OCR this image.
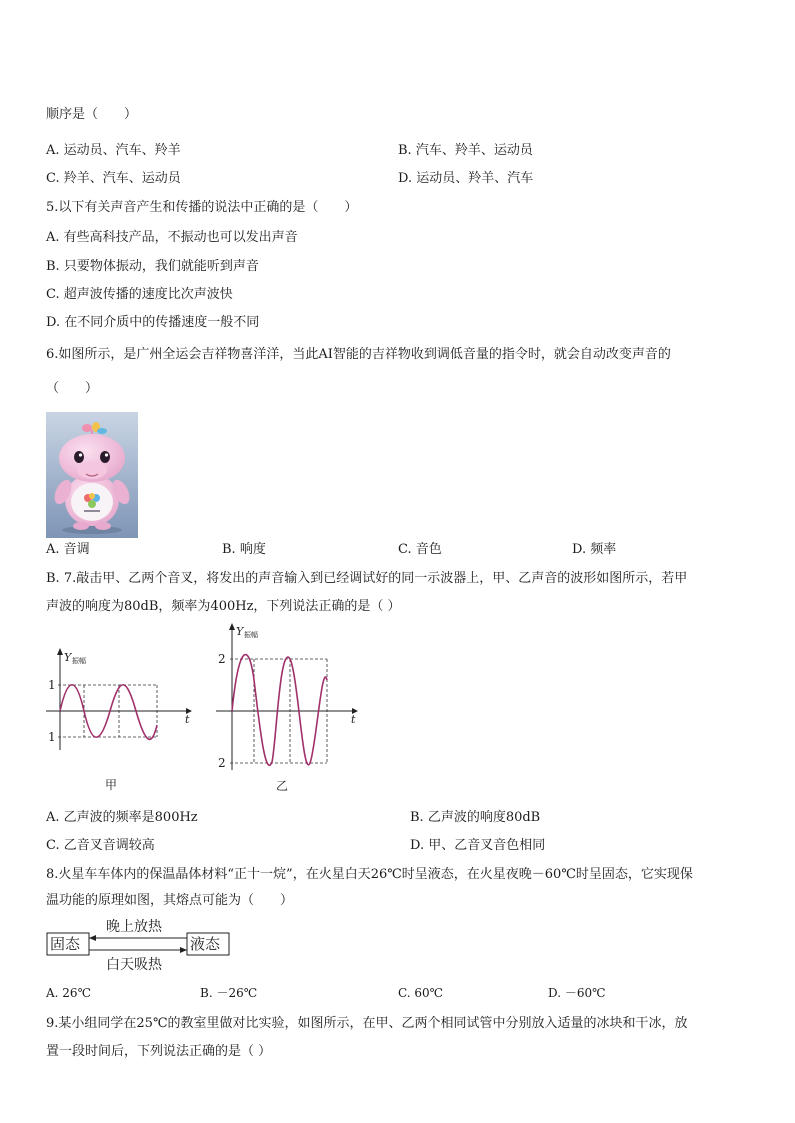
顺序是（　　）
A. 运动员、汽车、羚羊	B. 汽车、羚羊、运动员
C. 羚羊、汽车、运动员	D. 运动员、羚羊、汽车
5.以下有关声音产生和传播的说法中正确的是（　　）
A. 有些高科技产品，不振动也可以发出声音
B. 只要物体振动，我们就能听到声音
C. 超声波传播的速度比次声波快
D. 在不同介质中的传播速度一般不同
6.如图所示，是广州全运会吉祥物喜洋洋，当此AI智能的吉祥物收到调低音量的指令时，就会自动改变声音的
（　　）
A. 音调	B. 响度	C. 音色	D. 频率
B. 7.敲击甲、乙两个音叉，将发出的声音输入到已经调试好的同一示波器上，甲、乙声音的波形如图所示，若甲
声波的响度为80dB，频率为400Hz，下列说法正确的是（ ）
Y 振幅
t
1
1
甲
Y 振幅
t
2
2
乙
A. 乙声波的频率是800Hz	B. 乙声波的响度80dB
C. 乙音叉音调较高	D. 甲、乙音叉音色相同
8.火星车车体内的保温晶体材料“正十一烷”，在火星白天26℃时呈液态，在火星夜晚－60℃时呈固态，它实现保
温功能的原理如图，其熔点可能为（　　）
固态	液态
晚上放热
白天吸热
A. 26℃	B. －26℃	C. 60℃	D. －60℃
9.某小组同学在25℃的教室里做对比实验，如图所示，在甲、乙两个相同试管中分别放入适量的冰块和干冰，放
置一段时间后，下列说法正确的是（ ）
